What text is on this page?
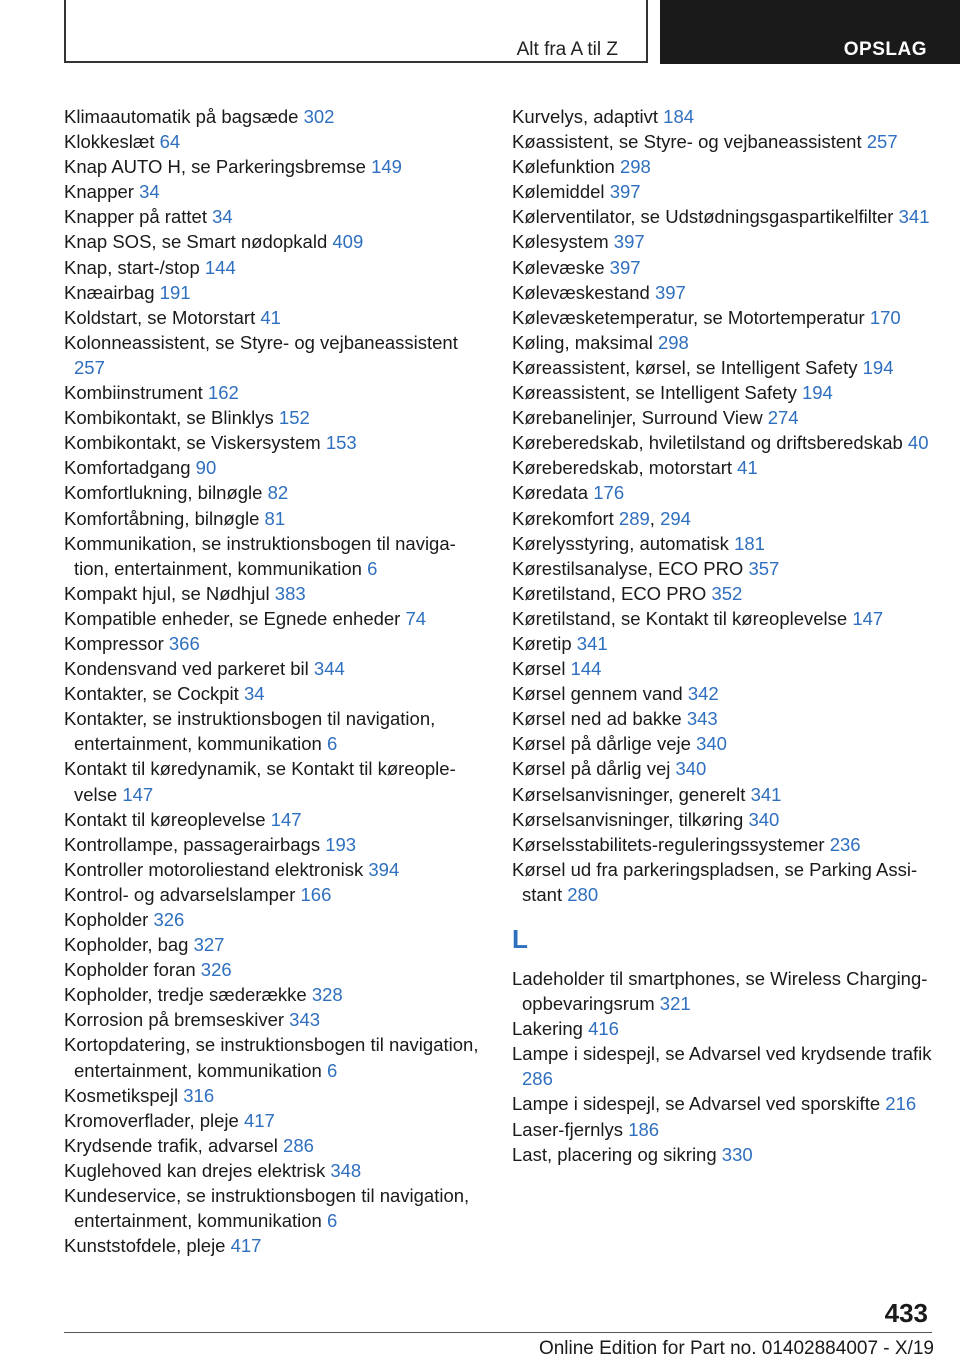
Alt fra A til Z	OPSLAG
Klimaautomatik på bagsæde 302
Klokkeslæt 64
Knap AUTO H, se Parkeringsbremse 149
Knapper 34
Knapper på rattet 34
Knap SOS, se Smart nødopkald 409
Knap, start-/stop 144
Knæairbag 191
Koldstart, se Motorstart 41
Kolonneassistent, se Styre- og vejbaneassistent 257
Kombiinstrument 162
Kombikontakt, se Blinklys 152
Kombikontakt, se Viskersystem 153
Komfortadgang 90
Komfortlukning, bilnøgle 82
Komfortåbning, bilnøgle 81
Kommunikation, se instruktionsbogen til navigation, entertainment, kommunikation 6
Kompakt hjul, se Nødhjul 383
Kompatible enheder, se Egnede enheder 74
Kompressor 366
Kondensvand ved parkeret bil 344
Kontakter, se Cockpit 34
Kontakter, se instruktionsbogen til navigation, entertainment, kommunikation 6
Kontakt til køredynamik, se Kontakt til køreoplevelse 147
Kontakt til køreoplevelse 147
Kontrollampe, passagerairbags 193
Kontroller motoroliestand elektronisk 394
Kontrol- og advarselslamper 166
Kopholder 326
Kopholder, bag 327
Kopholder foran 326
Kopholder, tredje sæderække 328
Korrosion på bremseskiver 343
Kortopdatering, se instruktionsbogen til navigation, entertainment, kommunikation 6
Kosmetikspejl 316
Kromoverflader, pleje 417
Krydsende trafik, advarsel 286
Kuglehoved kan drejes elektrisk 348
Kundeservice, se instruktionsbogen til navigation, entertainment, kommunikation 6
Kunststofdele, pleje 417
Kurvelys, adaptivt 184
Køassistent, se Styre- og vejbaneassistent 257
Kølefunktion 298
Kølemiddel 397
Kølerventilator, se Udstødningsgaspartikelfilter 341
Kølesystem 397
Kølevæske 397
Kølevæskestand 397
Kølevæsketemperatur, se Motortemperatur 170
Køling, maksimal 298
Køreassistent, kørsel, se Intelligent Safety 194
Køreassistent, se Intelligent Safety 194
Kørebanelinjer, Surround View 274
Køreberedskab, hviletilstand og driftsberedskab 40
Køreberedskab, motorstart 41
Køredata 176
Kørekomfort 289, 294
Kørelysstyring, automatisk 181
Kørestilsanalyse, ECO PRO 357
Køretilstand, ECO PRO 352
Køretilstand, se Kontakt til køreoplevelse 147
Køretip 341
Kørsel 144
Kørsel gennem vand 342
Kørsel ned ad bakke 343
Kørsel på dårlige veje 340
Kørsel på dårlig vej 340
Kørselsanvisninger, generelt 341
Kørselsanvisninger, tilkøring 340
Kørselsstabilitets-reguleringssystemer 236
Kørsel ud fra parkeringspladsen, se Parking Assistant 280
L
Ladeholder til smartphones, se Wireless Charging-opbevaringsrum 321
Lakering 416
Lampe i sidespejl, se Advarsel ved krydsende trafik 286
Lampe i sidespejl, se Advarsel ved sporskifte 216
Laser-fjernlys 186
Last, placering og sikring 330
433
Online Edition for Part no. 01402884007 - X/19
